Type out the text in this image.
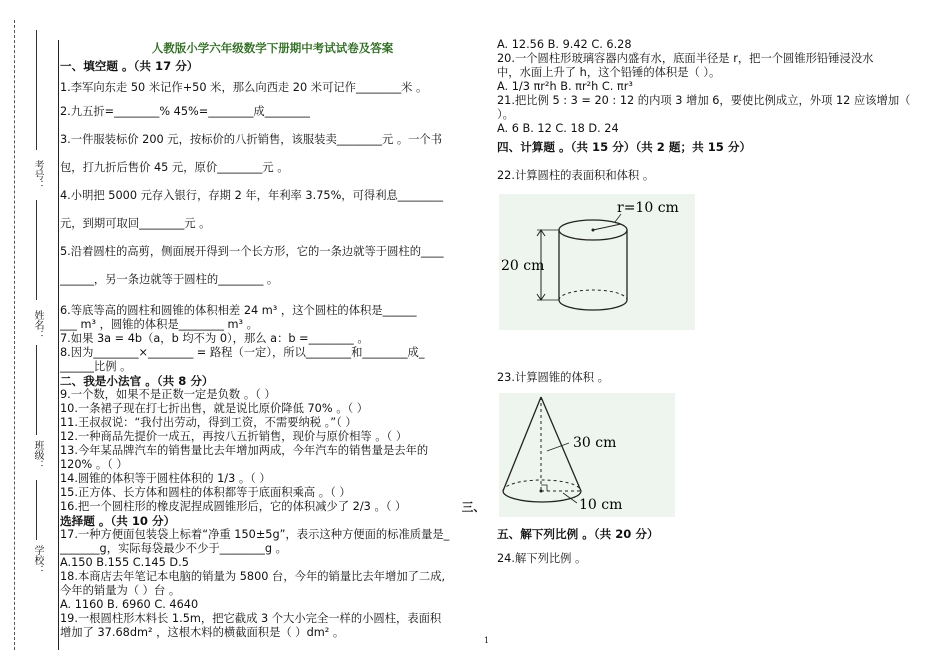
考号：
姓名：
班级：
学校：
人教版小学六年级数学下册期中考试试卷及答案
一、填空题 。（共 17 分）
1.李军向东走 50 米记作+50 米，那么向西走 20 米可记作________米 。
2.九五折=________% 45%=________成________
3.一件服装标价 200 元，按标价的八折销售，该服装卖________元 。一个书
包，打九折后售价 45 元，原价________元 。
4.小明把 5000 元存入银行，存期 2 年，年利率 3.75%，可得利息________
元，到期可取回________元 。
5.沿着圆柱的高剪，侧面展开得到一个长方形，它的一条边就等于圆柱的____
______，另一条边就等于圆柱的________ 。
6.等底等高的圆柱和圆锥的体积相差 24 m³ ，这个圆柱的体积是______
___ m³ ，圆锥的体积是________ m³ 。
7.如果 3a = 4b（a，b 均不为 0），那么 a：b =________ 。
8.因为________×________ = 路程（一定），所以________和________成_
______比例 。
二、我是小法官 。（共 8 分）
9.一个数，如果不是正数一定是负数 。（ ）
10.一条裙子现在打七折出售，就是说比原价降低 70% 。（ ）
11.王叔叔说：“我付出劳动，得到工资，不需要纳税 。”（ ）
12.一种商品先提价一成五，再按八五折销售，现价与原价相等 。（ ）
13.今年某品牌汽车的销售量比去年增加两成，今年汽车的销售量是去年的
120% 。（ ）
14.圆锥的体积等于圆柱体积的 1/3 。（ ）
15.正方体、长方体和圆柱的体积都等于底面积乘高 。（ ）
16.把一个圆柱形的橡皮泥捏成圆锥形后，它的体积减少了 2/3 。（ ）	三、
选择题 。（共 10 分）
17.一种方便面包装袋上标着“净重 150±5g”，表示这种方便面的标准质量是_
_______g，实际每袋最少不少于________g 。
A.150 B.155 C.145 D.5
18.本商店去年笔记本电脑的销量为 5800 台，今年的销量比去年增加了二成,
今年的销量为（ ）台 。
A. 1160 B. 6960 C. 4640
19.一根圆柱形木料长 1.5m，把它截成 3 个大小完全一样的小圆柱，表面积
增加了 37.68dm² ，这根木料的横截面积是（ ）dm² 。
A. 12.56 B. 9.42 C. 6.28
20.一个圆柱形玻璃容器内盛有水，底面半径是 r，把一个圆锥形铅锤浸没水
中，水面上升了 h，这个铅锤的体积是（ ）。
A. 1/3 πr²h B. πr²h C. πr³
21.把比例 5 : 3 = 20 : 12 的内项 3 增加 6，要使比例成立，外项 12 应该增加（
）。
A. 6 B. 12 C. 18 D. 24
四、计算题 。（共 15 分）（共 2 题；共 15 分）
22.计算圆柱的表面积和体积 。
r=10 cm
20 cm
23.计算圆锥的体积 。
30 cm
10 cm
五、解下列比例 。（共 20 分）
24.解下列比例 。
1
